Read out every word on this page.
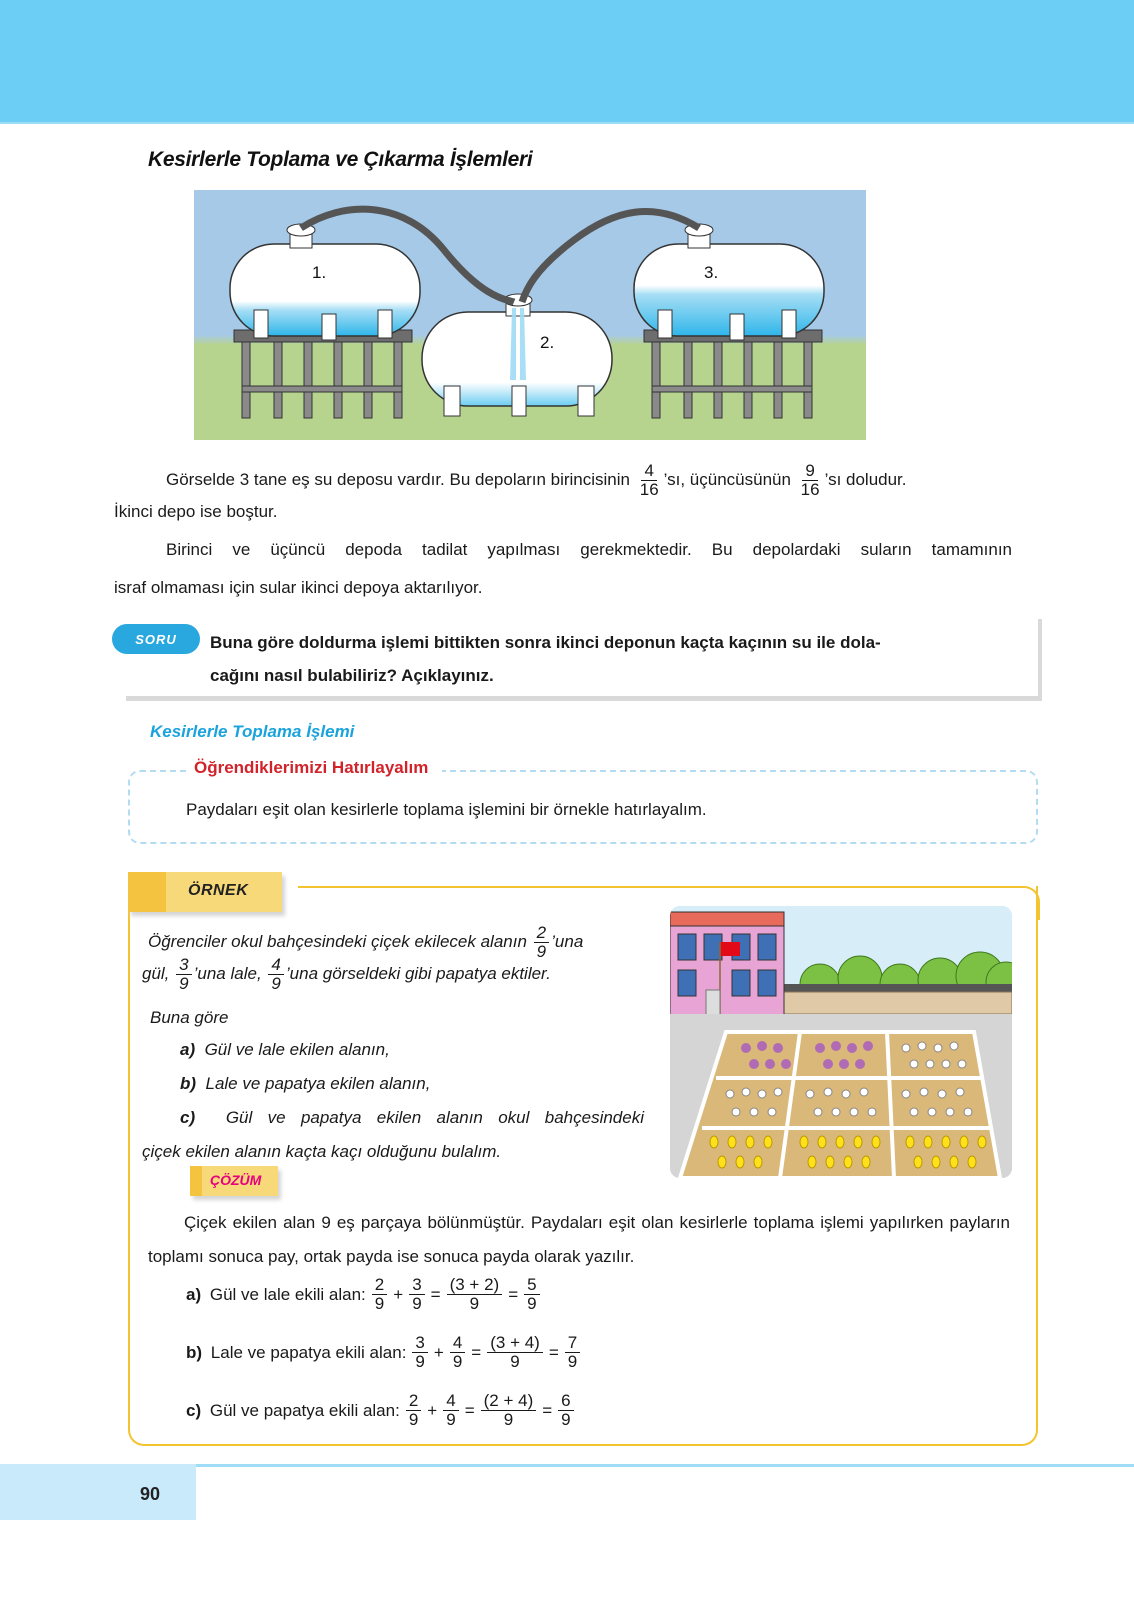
Kesirlerle Toplama ve Çıkarma İşlemleri
1.
2.
3.
Görselde 3 tane eş su deposu vardır. Bu depoların birincisinin $\frac{4}{16}$ ’sı, üçüncüsünün $\frac{9}{16}$ ’sı doludur.
İkinci depo ise boştur.
Birinci ve üçüncü depoda tadilat yapılması gerekmektedir. Bu depolardaki suların tamamının
israf olmaması için sular ikinci depoya aktarılıyor.
SORU	Buna göre doldurma işlemi bittikten sonra ikinci deponun kaçta kaçının su ile dola-
cağını nasıl bulabiliriz? Açıklayınız.
Kesirlerle Toplama İşlemi
Öğrendiklerimizi Hatırlayalım
Paydaları eşit olan kesirlerle toplama işlemini bir örnekle hatırlayalım.
ÖRNEK
Öğrenciler okul bahçesindeki çiçek ekilecek alanın $\frac{2}{9}$ ’una
gül, $\frac{3}{9}$ ’una lale, $\frac{4}{9}$ ’una görseldeki gibi papatya ektiler.
Buna göre
a) Gül ve lale ekilen alanın,
b) Lale ve papatya ekilen alanın,
c) Gül ve papatya ekilen alanın okul bahçesindeki
çiçek ekilen alanın kaçta kaçı olduğunu bulalım.
ÇÖZÜM
Çiçek ekilen alan 9 eş parçaya bölünmüştür. Paydaları eşit olan kesirlerle toplama işlemi yapılırken payların toplamı sonuca pay, ortak payda ise sonuca payda olarak yazılır.
a)
Gül ve lale ekili alan: $\frac{2}{9} + \frac{3}{9} = \frac{(3 + 2)}{9} = \frac{5}{9}$
b)
Lale ve papatya ekili alan: $\frac{3}{9} + \frac{4}{9} = \frac{(3 + 4)}{9} = \frac{7}{9}$
c)
Gül ve papatya ekili alan: $\frac{2}{9} + \frac{4}{9} = \frac{(2 + 4)}{9} = \frac{6}{9}$
90
